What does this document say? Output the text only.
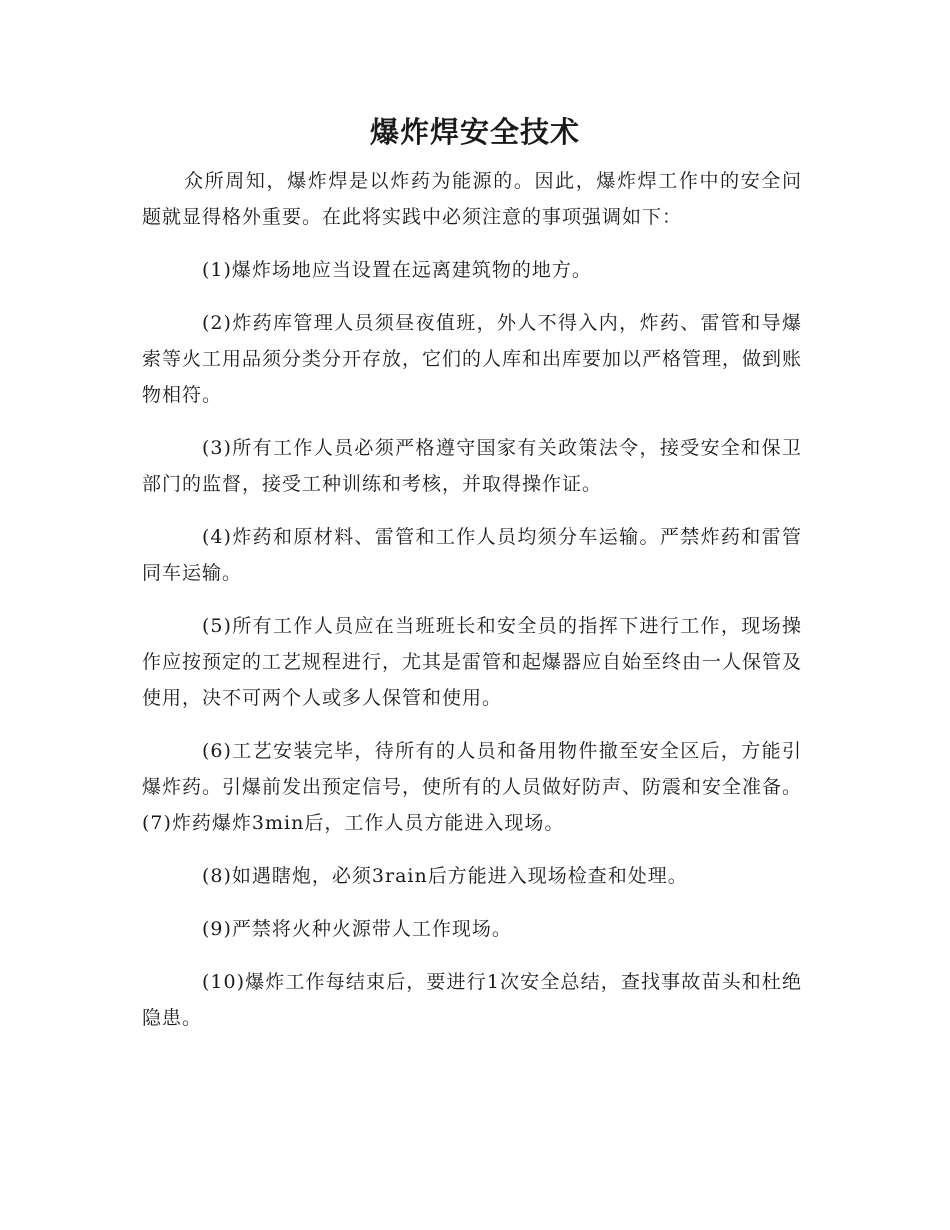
爆炸焊安全技术

众所周知，爆炸焊是以炸药为能源的。因此，爆炸焊工作中的安全问题就显得格外重要。在此将实践中必须注意的事项强调如下：

(1)爆炸场地应当设置在远离建筑物的地方。

(2)炸药库管理人员须昼夜值班，外人不得入内，炸药、雷管和导爆索等火工用品须分类分开存放，它们的人库和出库要加以严格管理，做到账物相符。

(3)所有工作人员必须严格遵守国家有关政策法令，接受安全和保卫部门的监督，接受工种训练和考核，并取得操作证。

(4)炸药和原材料、雷管和工作人员均须分车运输。严禁炸药和雷管同车运输。

(5)所有工作人员应在当班班长和安全员的指挥下进行工作，现场操作应按预定的工艺规程进行，尤其是雷管和起爆器应自始至终由一人保管及使用，决不可两个人或多人保管和使用。

(6)工艺安装完毕，待所有的人员和备用物件撤至安全区后，方能引爆炸药。引爆前发出预定信号，使所有的人员做好防声、防震和安全准备。 (7)炸药爆炸3min后，工作人员方能进入现场。

(8)如遇瞎炮，必须3rain后方能进入现场检查和处理。

(9)严禁将火种火源带人工作现场。

(10)爆炸工作每结束后，要进行1次安全总结，查找事故苗头和杜绝隐患。
